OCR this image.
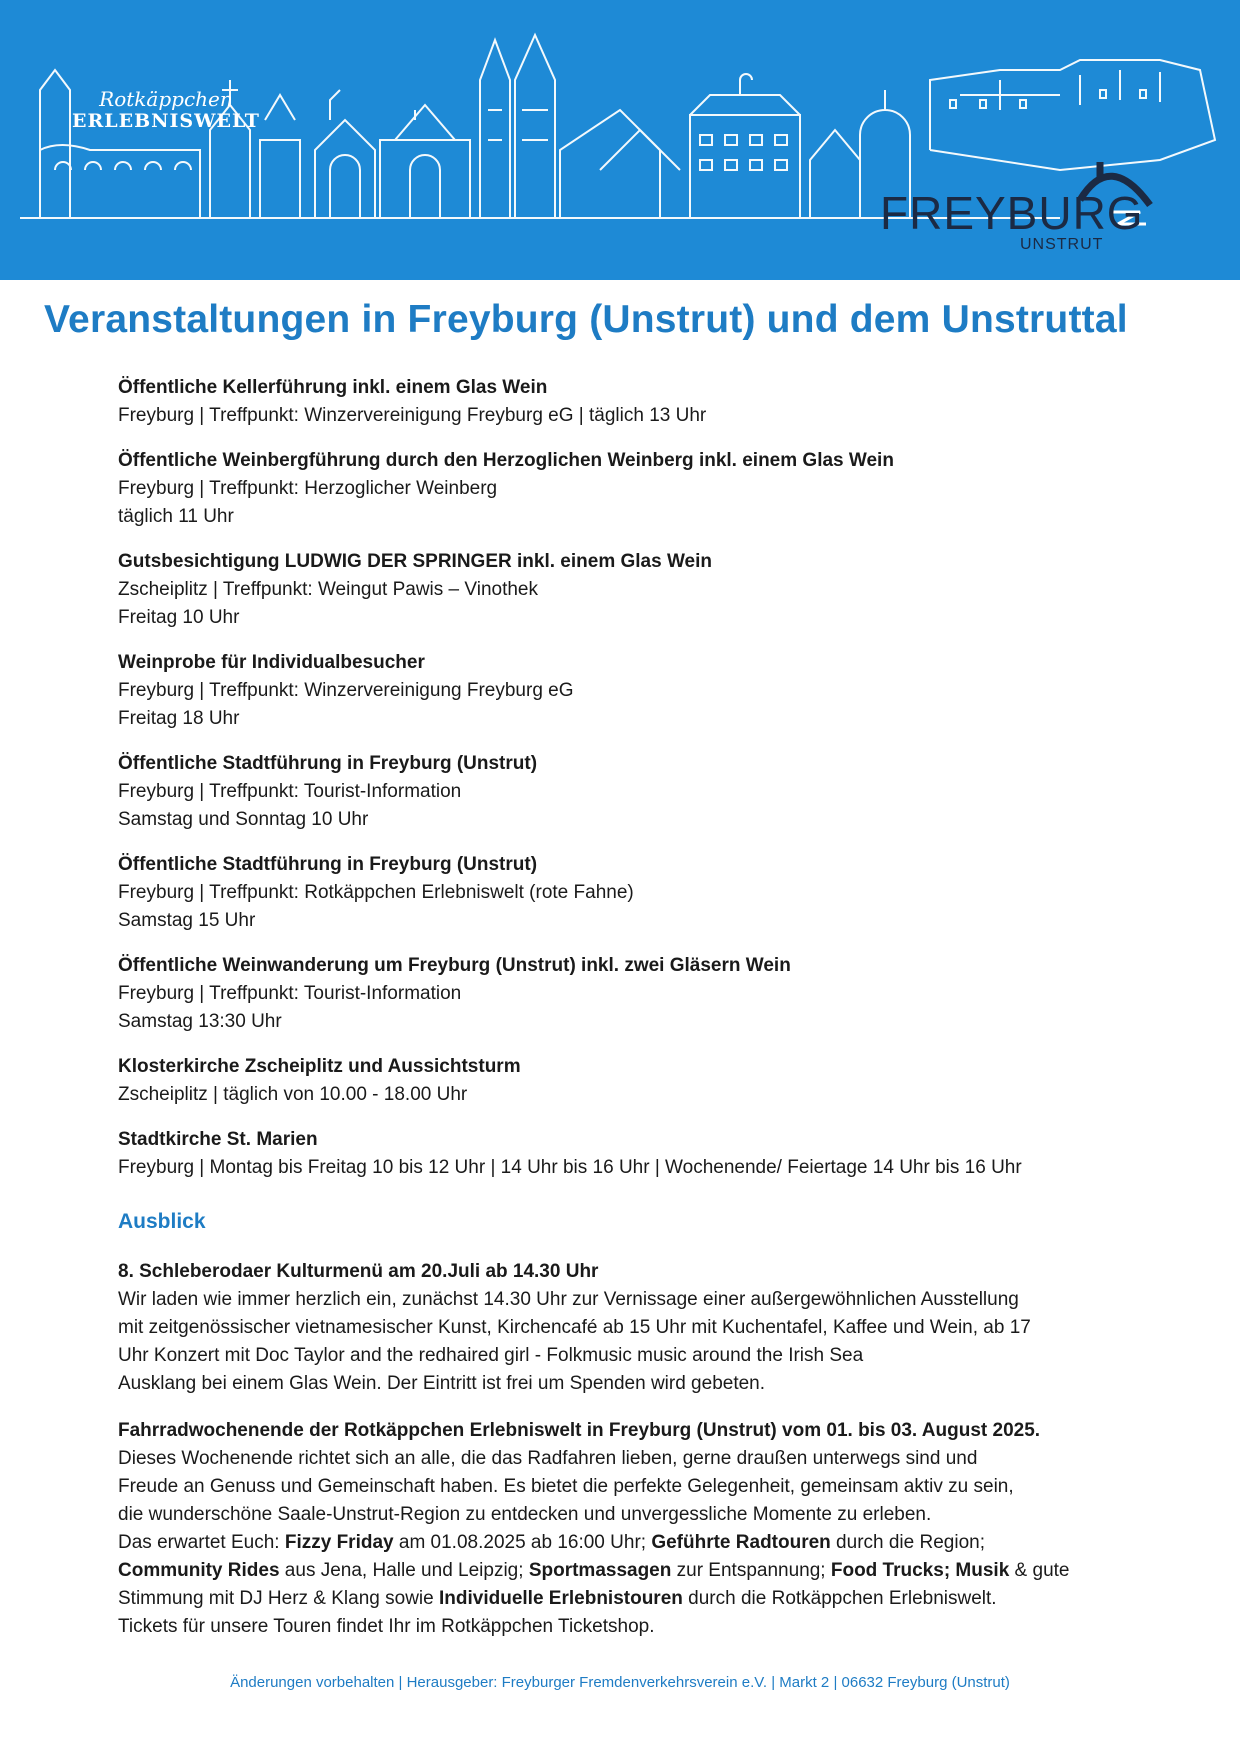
Rotkäppchen
ERLEBNISWELT
FREYBURG
UNSTRUT
Veranstaltungen in Freyburg (Unstrut) und dem Unstruttal
Öffentliche Kellerführung inkl. einem Glas Wein
Freyburg | Treffpunkt: Winzervereinigung Freyburg eG | täglich 13 Uhr
Öffentliche Weinbergführung durch den Herzoglichen Weinberg inkl. einem Glas Wein
Freyburg | Treffpunkt: Herzoglicher Weinberg
täglich 11 Uhr
Gutsbesichtigung LUDWIG DER SPRINGER inkl. einem Glas Wein
Zscheiplitz | Treffpunkt: Weingut Pawis – Vinothek
Freitag 10 Uhr
Weinprobe für Individualbesucher
Freyburg | Treffpunkt: Winzervereinigung Freyburg eG
Freitag 18 Uhr
Öffentliche Stadtführung in Freyburg (Unstrut)
Freyburg | Treffpunkt: Tourist-Information
Samstag und Sonntag 10 Uhr
Öffentliche Stadtführung in Freyburg (Unstrut)
Freyburg | Treffpunkt: Rotkäppchen Erlebniswelt (rote Fahne)
Samstag 15 Uhr
Öffentliche Weinwanderung um Freyburg (Unstrut) inkl. zwei Gläsern Wein
Freyburg | Treffpunkt: Tourist-Information
Samstag 13:30 Uhr
Klosterkirche Zscheiplitz und Aussichtsturm
Zscheiplitz | täglich von 10.00 - 18.00 Uhr
Stadtkirche St. Marien
Freyburg | Montag bis Freitag 10 bis 12 Uhr | 14 Uhr bis 16 Uhr | Wochenende/ Feiertage 14 Uhr bis 16 Uhr
Ausblick
8. Schleberodaer Kulturmenü am 20.Juli ab 14.30 Uhr

Wir laden wie immer herzlich ein, zunächst 14.30 Uhr zur Vernissage einer außergewöhnlichen Ausstellung

mit zeitgenössischer vietnamesischer Kunst, Kirchencafé ab 15 Uhr mit Kuchentafel, Kaffee und Wein, ab 17

Uhr Konzert mit Doc Taylor and the redhaired girl - Folkmusic music around the Irish Sea

Ausklang bei einem Glas Wein. Der Eintritt ist frei um Spenden wird gebeten.

Fahrradwochenende der Rotkäppchen Erlebniswelt in Freyburg (Unstrut) vom 01. bis 03. August 2025.

Dieses Wochenende richtet sich an alle, die das Radfahren lieben, gerne draußen unterwegs sind und

Freude an Genuss und Gemeinschaft haben. Es bietet die perfekte Gelegenheit, gemeinsam aktiv zu sein,

die wunderschöne Saale-Unstrut-Region zu entdecken und unvergessliche Momente zu erleben.

Das erwartet Euch: Fizzy Friday am 01.08.2025 ab 16:00 Uhr; Geführte Radtouren durch die Region;

Community Rides aus Jena, Halle und Leipzig; Sportmassagen zur Entspannung; Food Trucks; Musik & gute

Stimmung mit DJ Herz & Klang sowie Individuelle Erlebnistouren durch die Rotkäppchen Erlebniswelt.

Tickets für unsere Touren findet Ihr im Rotkäppchen Ticketshop.

Änderungen vorbehalten | Herausgeber: Freyburger Fremdenverkehrsverein e.V. | Markt 2 | 06632 Freyburg (Unstrut)
